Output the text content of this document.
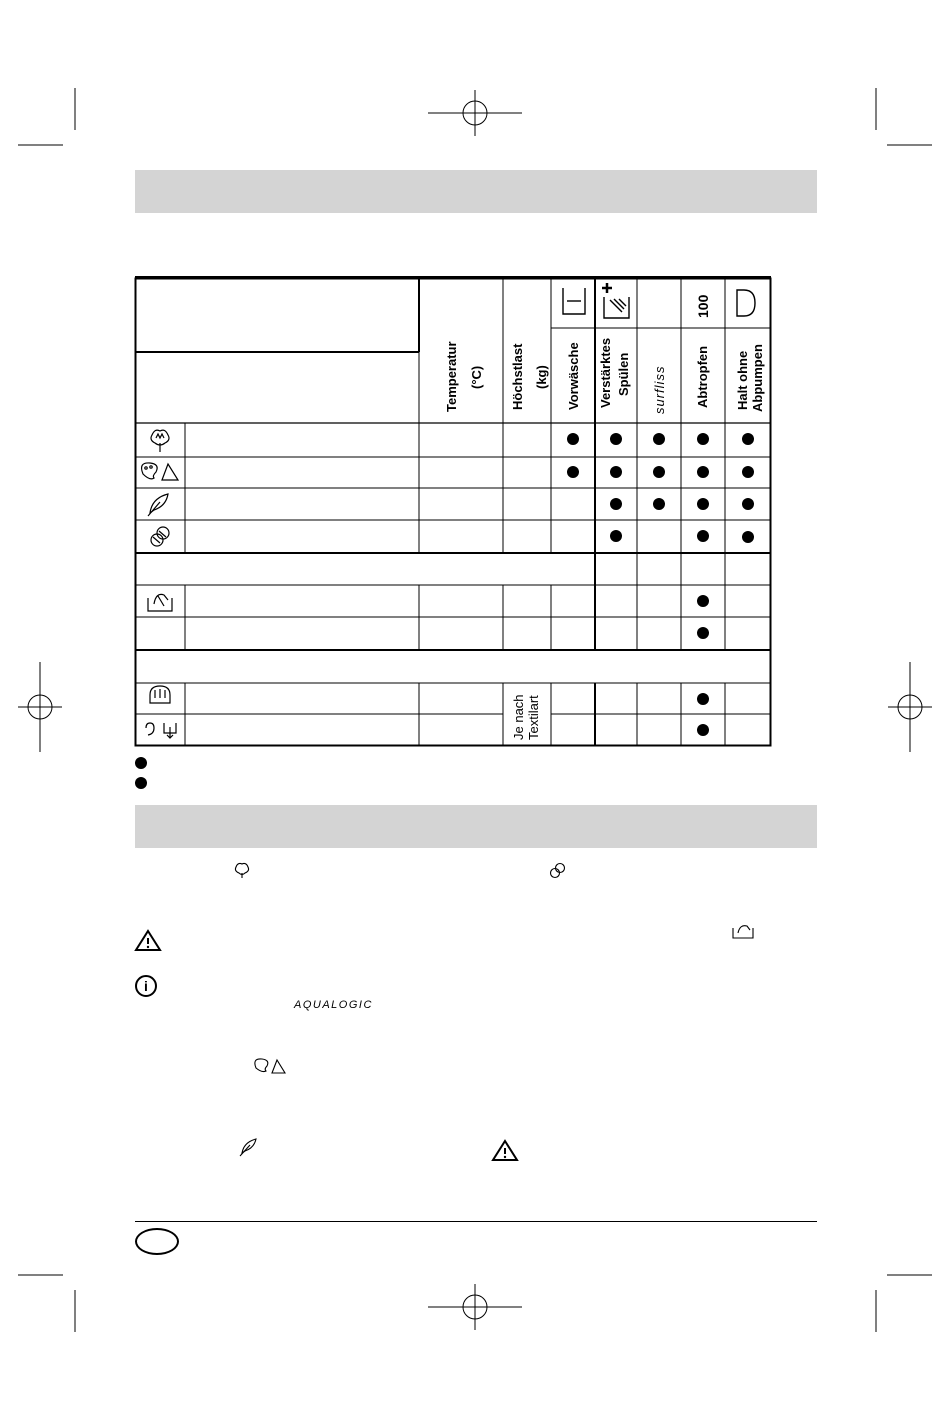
100
Temperatur (°C) Höchstlast (kg) Vorwäsche Verstärktes Spülen	Abtropfen Halt ohne Abpumpen
surfliss
Je nach Textilart
i
AQUALOGIC
